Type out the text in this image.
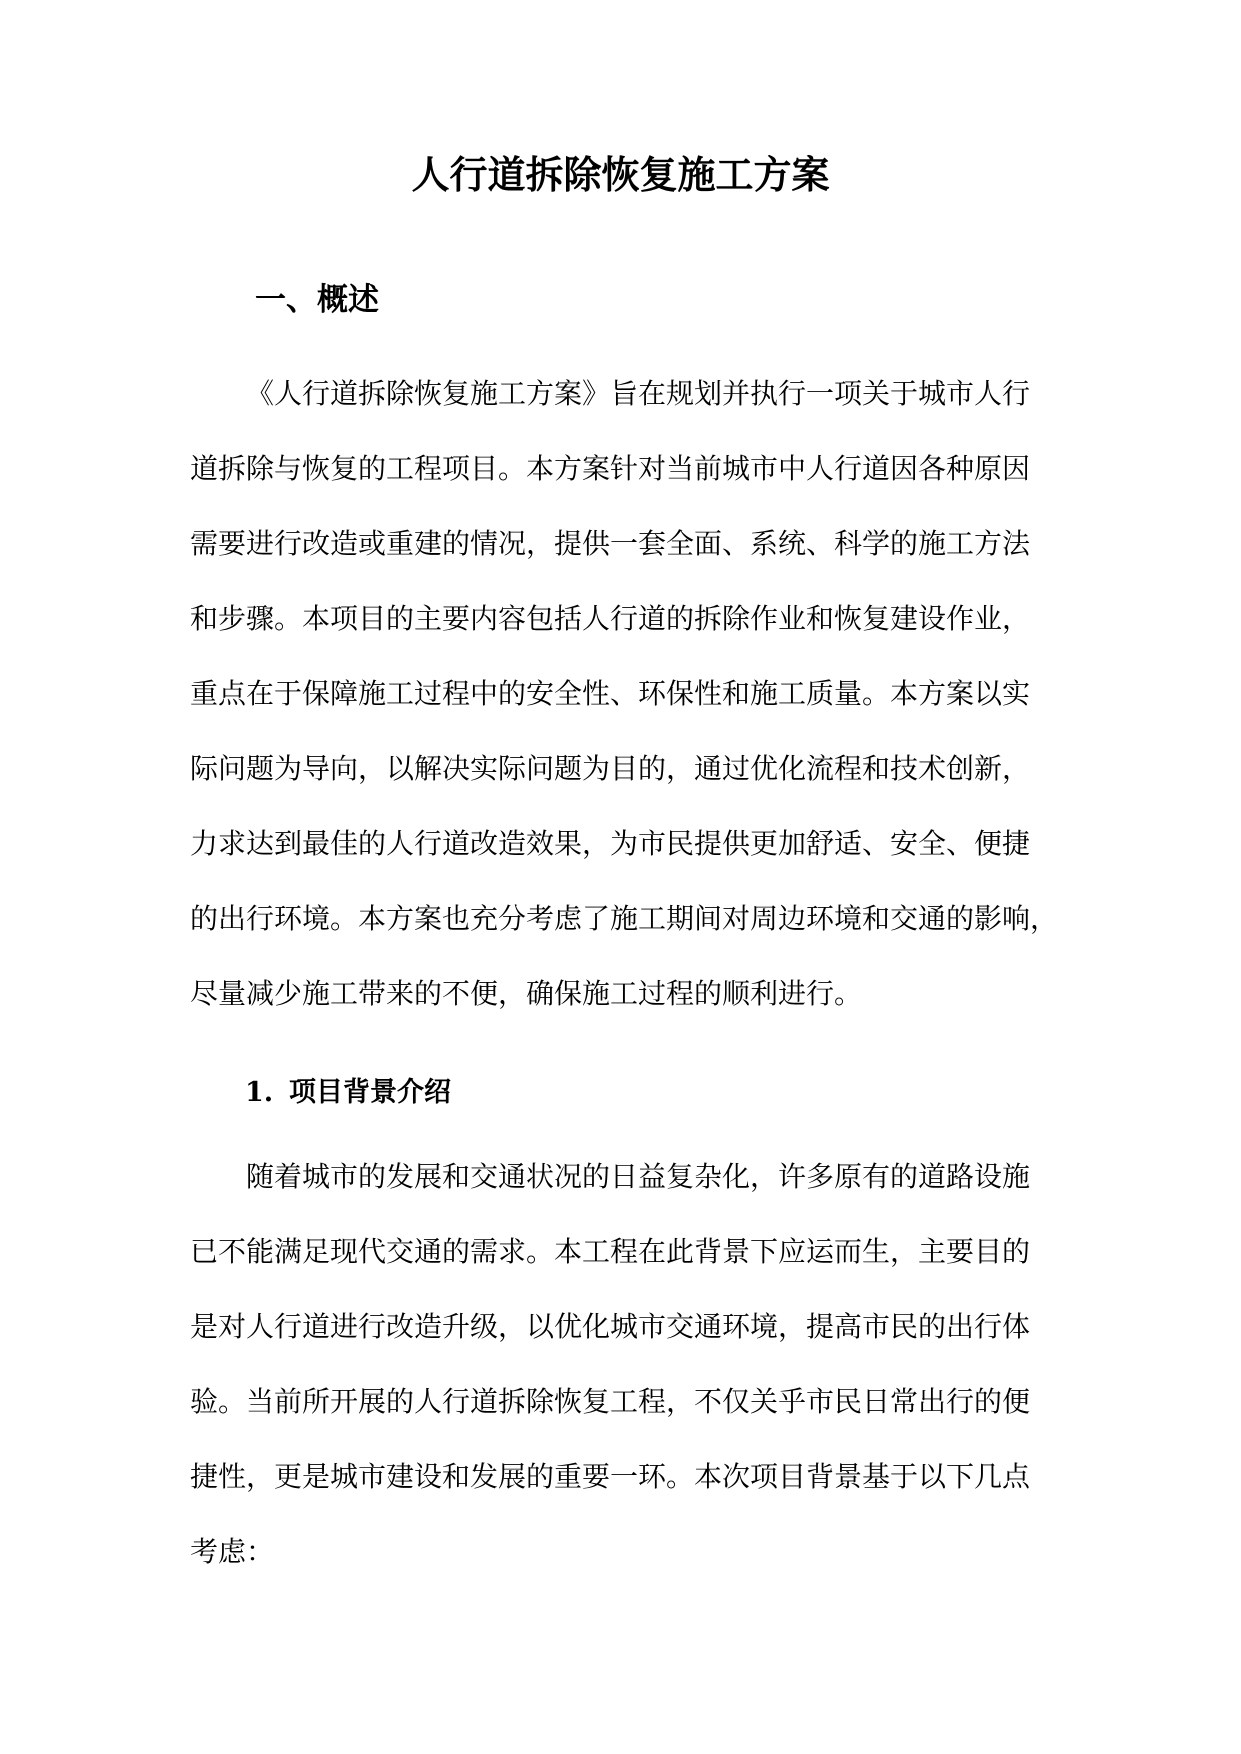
人行道拆除恢复施工方案
一、概述
《人行道拆除恢复施工方案》旨在规划并执行一项关于城市人行
道拆除与恢复的工程项目。本方案针对当前城市中人行道因各种原因
需要进行改造或重建的情况，提供一套全面、系统、科学的施工方法
和步骤。本项目的主要内容包括人行道的拆除作业和恢复建设作业，
重点在于保障施工过程中的安全性、环保性和施工质量。本方案以实
际问题为导向，以解决实际问题为目的，通过优化流程和技术创新，
力求达到最佳的人行道改造效果，为市民提供更加舒适、安全、便捷
的出行环境。本方案也充分考虑了施工期间对周边环境和交通的影响，
尽量减少施工带来的不便，确保施工过程的顺利进行。
1. 项目背景介绍
随着城市的发展和交通状况的日益复杂化，许多原有的道路设施
已不能满足现代交通的需求。本工程在此背景下应运而生，主要目的
是对人行道进行改造升级，以优化城市交通环境，提高市民的出行体
验。当前所开展的人行道拆除恢复工程，不仅关乎市民日常出行的便
捷性，更是城市建设和发展的重要一环。本次项目背景基于以下几点
考虑：
